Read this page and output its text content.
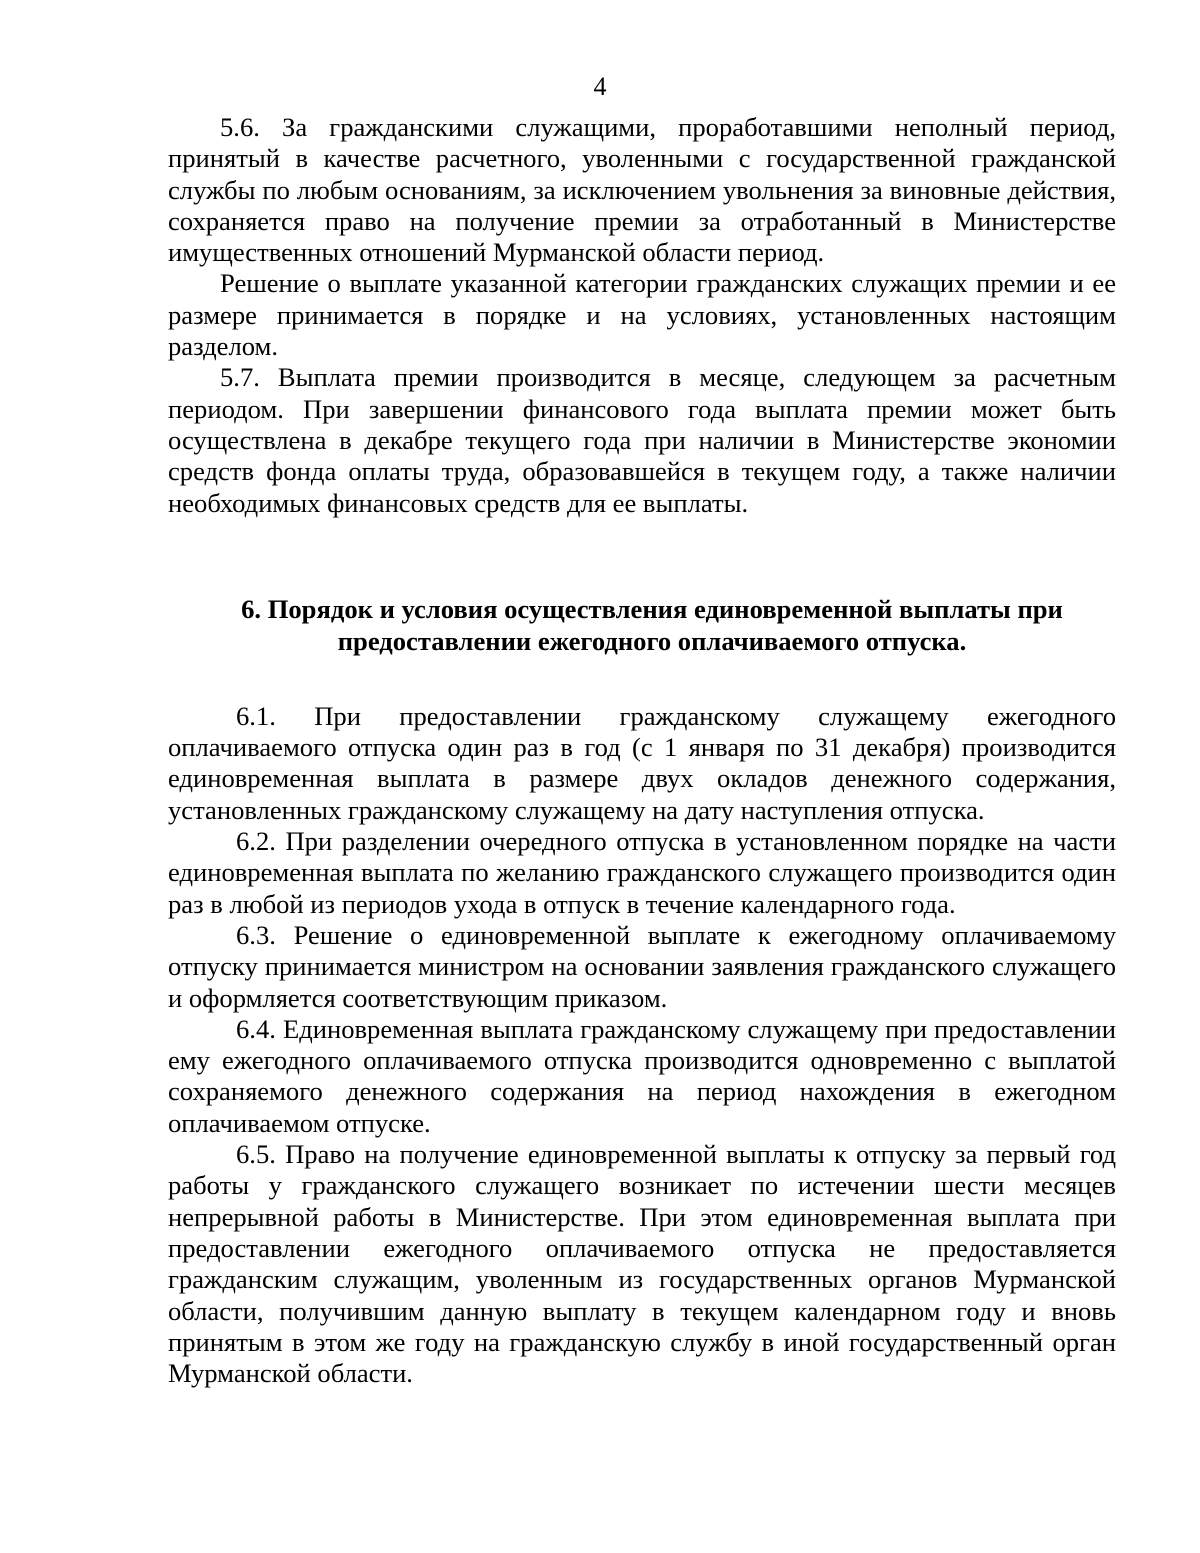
4

5.6. За гражданскими служащими, проработавшими неполный период, принятый в качестве расчетного, уволенными с государственной гражданской службы по любым основаниям, за исключением увольнения за виновные действия, сохраняется право на получение премии за отработанный в Министерстве имущественных отношений Мурманской области период.

Решение о выплате указанной категории гражданских служащих премии и ее размере принимается в порядке и на условиях, установленных настоящим разделом.

5.7. Выплата премии производится в месяце, следующем за расчетным периодом. При завершении финансового года выплата премии может быть осуществлена в декабре текущего года при наличии в Министерстве экономии средств фонда оплаты труда, образовавшейся в текущем году, а также наличии необходимых финансовых средств для ее выплаты.

6. Порядок и условия осуществления единовременной выплаты при предоставлении ежегодного оплачиваемого отпуска.

6.1. При предоставлении гражданскому служащему ежегодного оплачиваемого отпуска один раз в год (с 1 января по 31 декабря) производится единовременная выплата в размере двух окладов денежного содержания, установленных гражданскому служащему на дату наступления отпуска.

6.2. При разделении очередного отпуска в установленном порядке на части единовременная выплата по желанию гражданского служащего производится один раз в любой из периодов ухода в отпуск в течение календарного года.

6.3. Решение о единовременной выплате к ежегодному оплачиваемому отпуску принимается министром на основании заявления гражданского служащего и оформляется соответствующим приказом.

6.4. Единовременная выплата гражданскому служащему при предоставлении ему ежегодного оплачиваемого отпуска производится одновременно с выплатой сохраняемого денежного содержания на период нахождения в ежегодном оплачиваемом отпуске.

6.5. Право на получение единовременной выплаты к отпуску за первый год работы у гражданского служащего возникает по истечении шести месяцев непрерывной работы в Министерстве. При этом единовременная выплата при предоставлении ежегодного оплачиваемого отпуска не предоставляется гражданским служащим, уволенным из государственных органов Мурманской области, получившим данную выплату в текущем календарном году и вновь принятым в этом же году на гражданскую службу в иной государственный орган Мурманской области.
